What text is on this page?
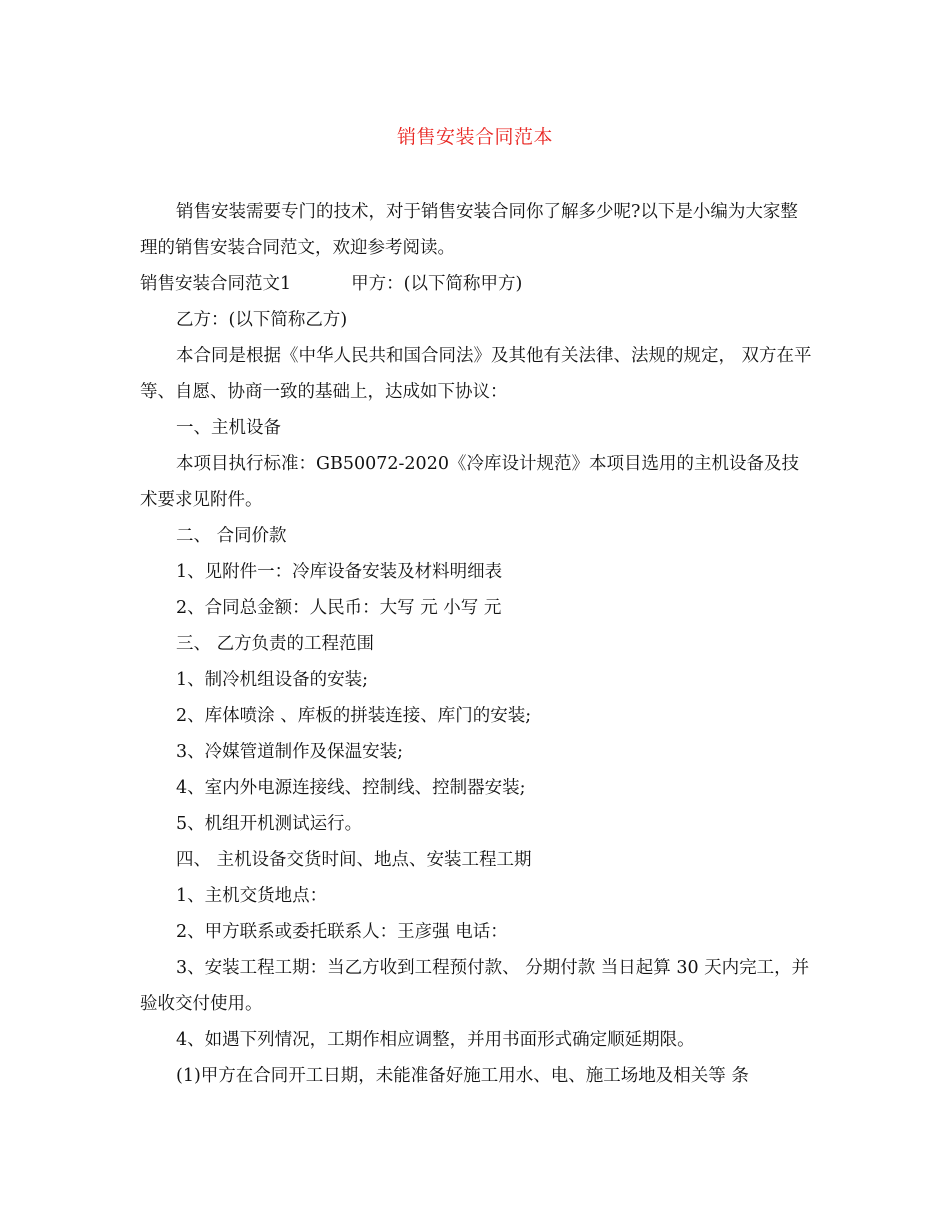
销售安装合同范本

销售安装需要专门的技术，对于销售安装合同你了解多少呢?以下是小编为大家整理的销售安装合同范文，欢迎参考阅读。

销售安装合同范文1	甲方：(以下简称甲方)

乙方：(以下简称乙方)

本合同是根据《中华人民共和国合同法》及其他有关法律、法规的规定， 双方在平等、自愿、协商一致的基础上，达成如下协议：

一、主机设备

本项目执行标准：GB50072-2020《冷库设计规范》本项目选用的主机设备及技术要求见附件。

二、 合同价款

1、见附件一：冷库设备安装及材料明细表

2、合同总金额：人民币：大写 元 小写 元

三、 乙方负责的工程范围

1、制冷机组设备的安装;

2、库体喷涂 、库板的拼装连接、库门的安装;

3、冷媒管道制作及保温安装;

4、室内外电源连接线、控制线、控制器安装;

5、机组开机测试运行。

四、 主机设备交货时间、地点、安装工程工期

1、主机交货地点：

2、甲方联系或委托联系人：王彦强 电话：

3、安装工程工期：当乙方收到工程预付款、 分期付款 当日起算 30 天内完工，并验收交付使用。

4、如遇下列情况，工期作相应调整，并用书面形式确定顺延期限。

(1)甲方在合同开工日期，未能准备好施工用水、电、施工场地及相关等 条
